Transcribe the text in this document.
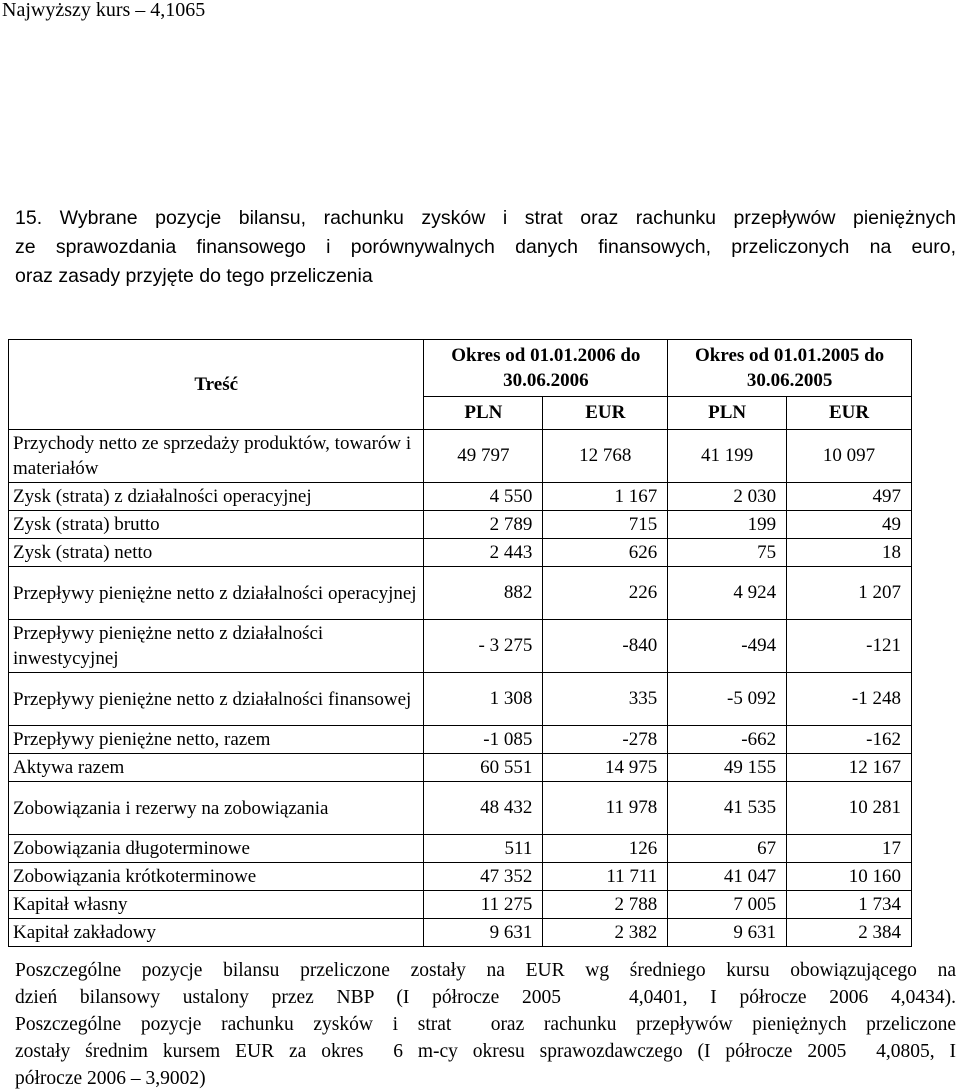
Najwyższy kurs – 4,1065
15. Wybrane pozycje bilansu, rachunku zysków i strat oraz rachunku przepływów pieniężnych
ze sprawozdania finansowego i porównywalnych danych finansowych, przeliczonych na euro,
oraz zasady przyjęte do tego przeliczenia
Treść	Okres od 01.01.2006 do 30.06.2006		Okres od 01.01.2005 do 30.06.2005	
	PLN	EUR	PLN	EUR
Przychody netto ze sprzedaży produktów, towarów i materiałów	49 797	12 768	41 199	10 097
Zysk (strata) z działalności operacyjnej	4 550	1 167	2 030	497
Zysk (strata) brutto	2 789	715	199	49
Zysk (strata) netto	2 443	626	75	18
Przepływy pieniężne netto z działalności operacyjnej	882	226	4 924	1 207
Przepływy pieniężne netto z działalności inwestycyjnej	- 3 275	-840	-494	-121
Przepływy pieniężne netto z działalności finansowej	1 308	335	-5 092	-1 248
Przepływy pieniężne netto, razem	-1 085	-278	-662	-162
Aktywa razem	60 551	14 975	49 155	12 167
Zobowiązania i rezerwy na zobowiązania	48 432	11 978	41 535	10 281
Zobowiązania długoterminowe	511	126	67	17
Zobowiązania krótkoterminowe	47 352	11 711	41 047	10 160
Kapitał własny	11 275	2 788	7 005	1 734
Kapitał zakładowy	9 631	2 382	9 631	2 384
Poszczególne pozycje bilansu przeliczone zostały na EUR wg średniego kursu obowiązującego na
dzień bilansowy ustalony przez NBP (I półrocze 2005   4,0401, I półrocze 2006 4,0434).
Poszczególne pozycje rachunku zysków i strat  oraz rachunku przepływów pieniężnych przeliczone
zostały średnim kursem EUR za okres  6 m-cy okresu sprawozdawczego (I półrocze 2005  4,0805, I
półrocze 2006 – 3,9002)
